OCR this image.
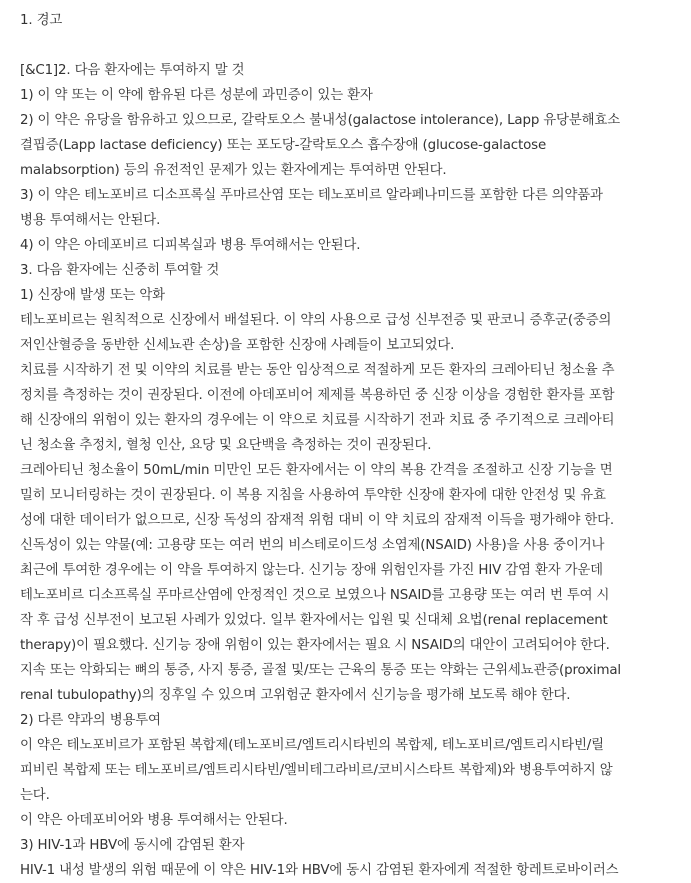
1. 경고
[&C1]2. 다음 환자에는 투여하지 말 것
1) 이 약 또는 이 약에 함유된 다른 성분에 과민증이 있는 환자
2) 이 약은 유당을 함유하고 있으므로, 갈락토오스 불내성(galactose intolerance), Lapp 유당분해효소
결핍증(Lapp lactase deficiency) 또는 포도당-갈락토오스 흡수장애 (glucose-galactose
malabsorption) 등의 유전적인 문제가 있는 환자에게는 투여하면 안된다.
3) 이 약은 테노포비르 디소프록실 푸마르산염 또는 테노포비르 알라페나미드를 포함한 다른 의약품과
병용 투여해서는 안된다.
4) 이 약은 아데포비르 디피복실과 병용 투여해서는 안된다.
3. 다음 환자에는 신중히 투여할 것
1) 신장애 발생 또는 악화
테노포비르는 원칙적으로 신장에서 배설된다. 이 약의 사용으로 급성 신부전증 및 판코니 증후군(중증의
저인산혈증을 동반한 신세뇨관 손상)을 포함한 신장애 사례들이 보고되었다.
치료를 시작하기 전 및 이약의 치료를 받는 동안 임상적으로 적절하게 모든 환자의 크레아티닌 청소율 추
정치를 측정하는 것이 권장된다. 이전에 아데포비어 제제를 복용하던 중 신장 이상을 경험한 환자를 포함
해 신장애의 위험이 있는 환자의 경우에는 이 약으로 치료를 시작하기 전과 치료 중 주기적으로 크레아티
닌 청소율 추정치, 혈청 인산, 요당 및 요단백을 측정하는 것이 권장된다.
크레아티닌 청소율이 50mL/min 미만인 모든 환자에서는 이 약의 복용 간격을 조절하고 신장 기능을 면
밀히 모니터링하는 것이 권장된다. 이 복용 지침을 사용하여 투약한 신장애 환자에 대한 안전성 및 유효
성에 대한 데이터가 없으므로, 신장 독성의 잠재적 위험 대비 이 약 치료의 잠재적 이득을 평가해야 한다.
신독성이 있는 약물(예: 고용량 또는 여러 번의 비스테로이드성 소염제(NSAID) 사용)을 사용 중이거나
최근에 투여한 경우에는 이 약을 투여하지 않는다. 신기능 장애 위험인자를 가진 HIV 감염 환자 가운데
테노포비르 디소프록실 푸마르산염에 안정적인 것으로 보였으나 NSAID를 고용량 또는 여러 번 투여 시
작 후 급성 신부전이 보고된 사례가 있었다. 일부 환자에서는 입원 및 신대체 요법(renal replacement
therapy)이 필요했다. 신기능 장애 위험이 있는 환자에서는 필요 시 NSAID의 대안이 고려되어야 한다.
지속 또는 악화되는 뼈의 통증, 사지 통증, 골절 및/또는 근육의 통증 또는 약화는 근위세뇨관증(proximal
renal tubulopathy)의 징후일 수 있으며 고위험군 환자에서 신기능을 평가해 보도록 해야 한다.
2) 다른 약과의 병용투여
이 약은 테노포비르가 포함된 복합제(테노포비르/엠트리시타빈의 복합제, 테노포비르/엠트리시타빈/릴
피비린 복합제 또는 테노포비르/엠트리시타빈/엘비테그라비르/코비시스타트 복합제)와 병용투여하지 않
는다.
이 약은 아데포비어와 병용 투여해서는 안된다.
3) HIV-1과 HBV에 동시에 감염된 환자
HIV-1 내성 발생의 위험 때문에 이 약은 HIV-1와 HBV에 동시 감염된 환자에게 적절한 항레트로바이러스
